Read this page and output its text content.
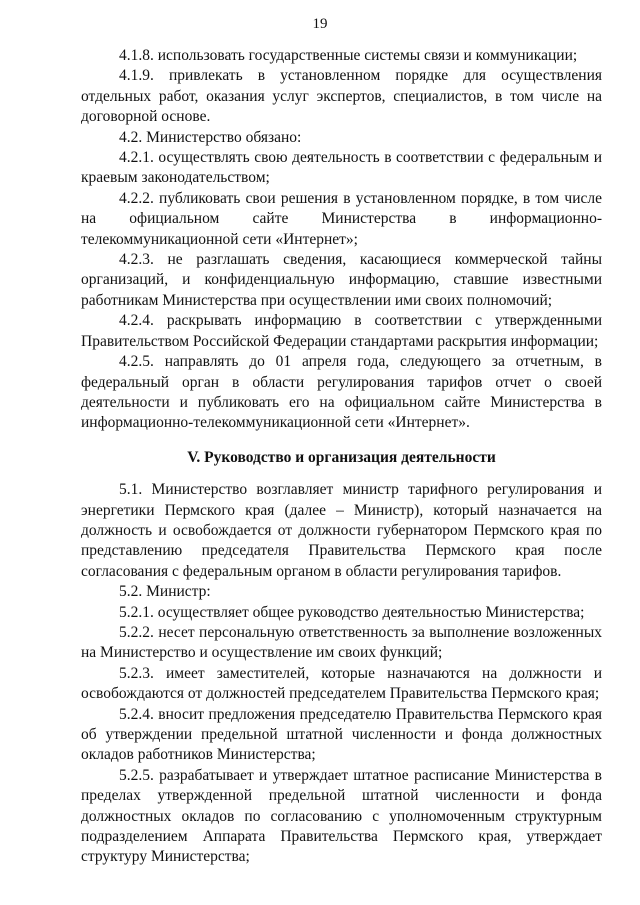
19

4.1.8. использовать государственные системы связи и коммуникации;

4.1.9. привлекать в установленном порядке для осуществления отдельных работ, оказания услуг экспертов, специалистов, в том числе на договорной основе.

4.2. Министерство обязано:

4.2.1. осуществлять свою деятельность в соответствии с федеральным и краевым законодательством;

4.2.2. публиковать свои решения в установленном порядке, в том числе на официальном сайте Министерства в информационно-телекоммуникационной сети «Интернет»;

4.2.3. не разглашать сведения, касающиеся коммерческой тайны организаций, и конфиденциальную информацию, ставшие известными работникам Министерства при осуществлении ими своих полномочий;

4.2.4. раскрывать информацию в соответствии с утвержденными Правительством Российской Федерации стандартами раскрытия информации;

4.2.5. направлять до 01 апреля года, следующего за отчетным, в федеральный орган в области регулирования тарифов отчет о своей деятельности и публиковать его на официальном сайте Министерства в информационно-телекоммуникационной сети «Интернет».

V. Руководство и организация деятельности

5.1. Министерство возглавляет министр тарифного регулирования и энергетики Пермского края (далее – Министр), который назначается на должность и освобождается от должности губернатором Пермского края по представлению председателя Правительства Пермского края после согласования с федеральным органом в области регулирования тарифов.

5.2. Министр:

5.2.1. осуществляет общее руководство деятельностью Министерства;

5.2.2. несет персональную ответственность за выполнение возложенных на Министерство и осуществление им своих функций;

5.2.3. имеет заместителей, которые назначаются на должности и освобождаются от должностей председателем Правительства Пермского края;

5.2.4. вносит предложения председателю Правительства Пермского края об утверждении предельной штатной численности и фонда должностных окладов работников Министерства;

5.2.5. разрабатывает и утверждает штатное расписание Министерства в пределах утвержденной предельной штатной численности и фонда должностных окладов по согласованию с уполномоченным структурным подразделением Аппарата Правительства Пермского края, утверждает структуру Министерства;
